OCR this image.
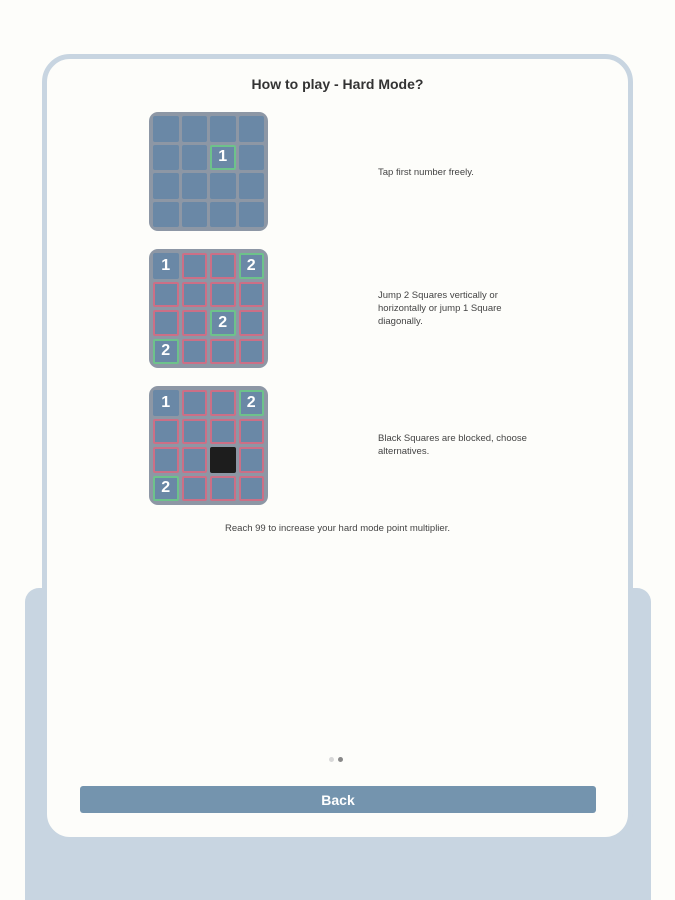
How to play - Hard Mode?
1
Tap first number freely.
1	2
2
2
Jump 2 Squares vertically or horizontally or jump 1 Square diagonally.
1	2
2
Black Squares are blocked, choose alternatives.
Reach 99 to increase your hard mode point multiplier.
Back
